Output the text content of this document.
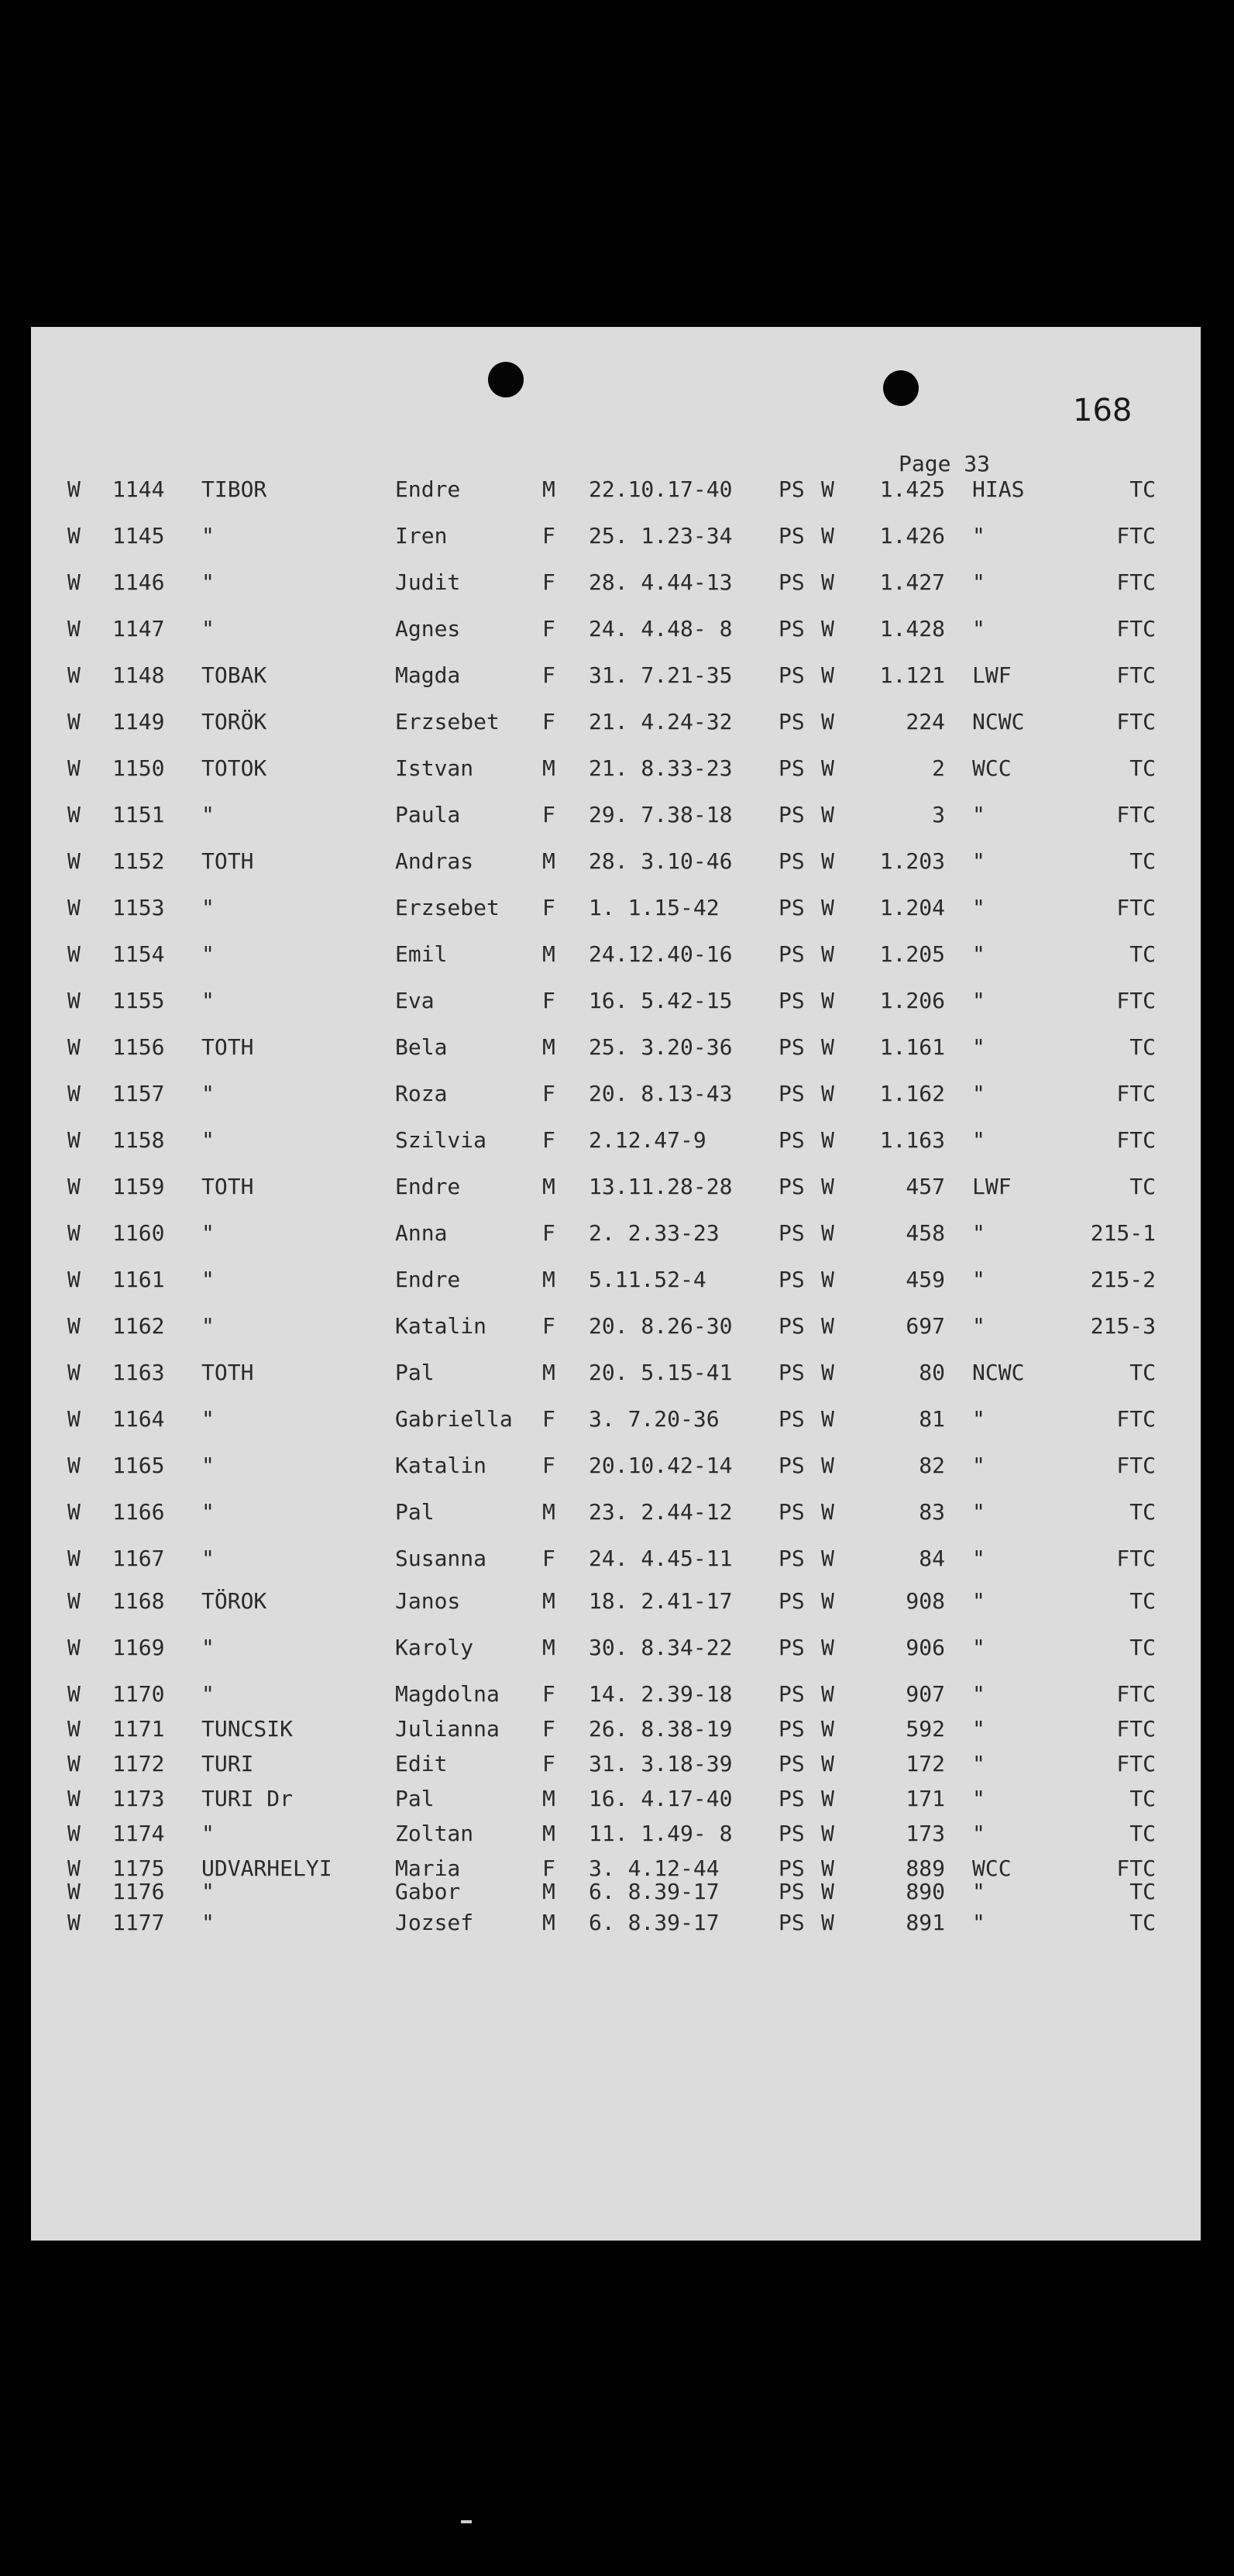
168
Page 33
W 1144 TIBOR	Endre	M 22.10.17-40 PS W 1.425 HIAS	TC
W 1145 "	Iren	F 25. 1.23-34 PS W 1.426 "	FTC
W 1146 "	Judit	F 28. 4.44-13 PS W 1.427 "	FTC
W 1147 "	Agnes	F 24. 4.48- 8 PS W 1.428 "	FTC
W 1148 TOBAK	Magda	F 31. 7.21-35 PS W 1.121 LWF	FTC
W 1149 TORÖK	Erzsebet F 21. 4.24-32 PS W	224 NCWC	FTC
W 1150 TOTOK	Istvan	M 21. 8.33-23 PS W	2 WCC	TC
W 1151 "	Paula	F 29. 7.38-18 PS W	3 "	FTC
W 1152 TOTH	Andras	M 28. 3.10-46 PS W 1.203 "	TC
W 1153 "	Erzsebet F 1. 1.15-42	PS W 1.204 "	FTC
W 1154 "	Emil	M 24.12.40-16 PS W 1.205 "	TC
W 1155 "	Eva	F 16. 5.42-15 PS W 1.206 "	FTC
W 1156 TOTH	Bela	M 25. 3.20-36 PS W 1.161 "	TC
W 1157 "	Roza	F 20. 8.13-43 PS W 1.162 "	FTC
W 1158 "	Szilvia	F 2.12.47-9	PS W 1.163 "	FTC
W 1159 TOTH	Endre	M 13.11.28-28 PS W	457 LWF	TC
W 1160 "	Anna	F 2. 2.33-23	PS W	458 "	215-1
W 1161 "	Endre	M 5.11.52-4	PS W	459 "	215-2
W 1162 "	Katalin	F 20. 8.26-30 PS W	697 "	215-3
W 1163 TOTH	Pal	M 20. 5.15-41 PS W	80 NCWC	TC
W 1164 "	Gabriella F 3. 7.20-36	PS W	81 "	FTC
W 1165 "	Katalin	F 20.10.42-14 PS W	82 "	FTC
W 1166 "	Pal	M 23. 2.44-12 PS W	83 "	TC
W 1167 "	Susanna	F 24. 4.45-11 PS W	84 "	FTC
W 1168 TÖROK	Janos	M 18. 2.41-17 PS W	908 "	TC
W 1169 "	Karoly	M 30. 8.34-22 PS W	906 "	TC
W 1170 "	Magdolna F 14. 2.39-18 PS W	907 "	FTC
W 1171 TUNCSIK	Julianna F 26. 8.38-19 PS W	592 "	FTC
W 1172 TURI	Edit	F 31. 3.18-39 PS W	172 "	FTC
W 1173 TURI Dr	Pal	M 16. 4.17-40 PS W	171 "	TC
W 1174 "	Zoltan	M 11. 1.49- 8 PS W	173 "	TC
W 1175 UDVARHELYI	Maria	F 3. 4.12-44	PS W	889 WCC	FTC
W 1176 "	Gabor	M 6. 8.39-17	PS W	890 "	TC
W 1177 "	Jozsef	M 6. 8.39-17	PS W	891 "	TC
